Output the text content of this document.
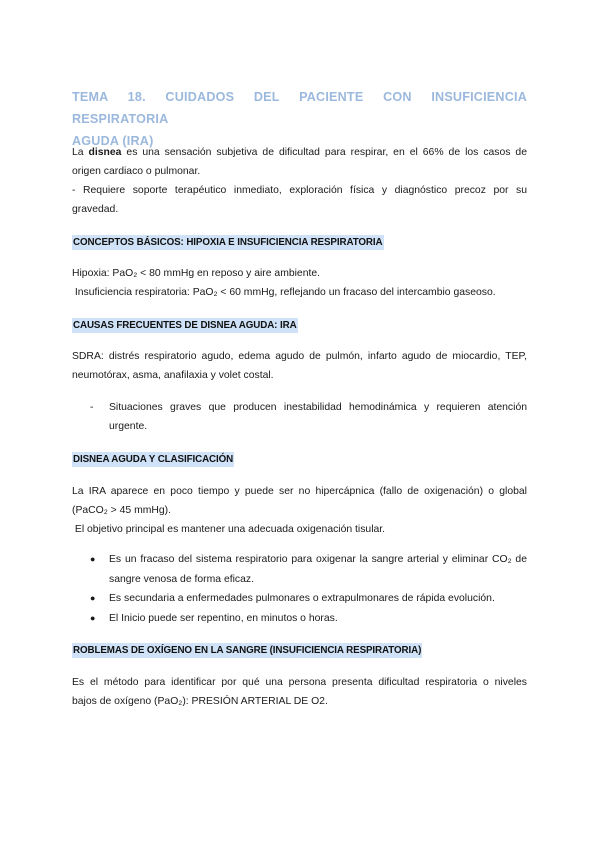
TEMA 18. CUIDADOS DEL PACIENTE CON INSUFICIENCIA RESPIRATORIA
AGUDA (IRA)
La disnea es una sensación subjetiva de dificultad para respirar, en el 66% de los casos de
origen cardiaco o pulmonar.
- Requiere soporte terapéutico inmediato, exploración física y diagnóstico precoz por su
gravedad.
CONCEPTOS BÁSICOS: HIPOXIA E INSUFICIENCIA RESPIRATORIA
Hipoxia: PaO₂ < 80 mmHg en reposo y aire ambiente.
Insuficiencia respiratoria: PaO₂ < 60 mmHg, reflejando un fracaso del intercambio gaseoso.
CAUSAS FRECUENTES DE DISNEA AGUDA: IRA
SDRA: distrés respiratorio agudo, edema agudo de pulmón, infarto agudo de miocardio, TEP,
neumotórax, asma, anafilaxia y volet costal.
- Situaciones graves que producen inestabilidad hemodinámica y requieren atención
urgente.
DISNEA AGUDA Y CLASIFICACIÓN
La IRA aparece en poco tiempo y puede ser no hipercápnica (fallo de oxigenación) o global
(PaCO₂ > 45 mmHg).
El objetivo principal es mantener una adecuada oxigenación tisular.
● Es un fracaso del sistema respiratorio para oxigenar la sangre arterial y eliminar CO₂ de
sangre venosa de forma eficaz.
● Es secundaria a enfermedades pulmonares o extrapulmonares de rápida evolución.
● El Inicio puede ser repentino, en minutos o horas.
ROBLEMAS DE OXÍGENO EN LA SANGRE (INSUFICIENCIA RESPIRATORIA)
Es el método para identificar por qué una persona presenta dificultad respiratoria o niveles
bajos de oxígeno (PaO₂): PRESIÓN ARTERIAL DE O2.
